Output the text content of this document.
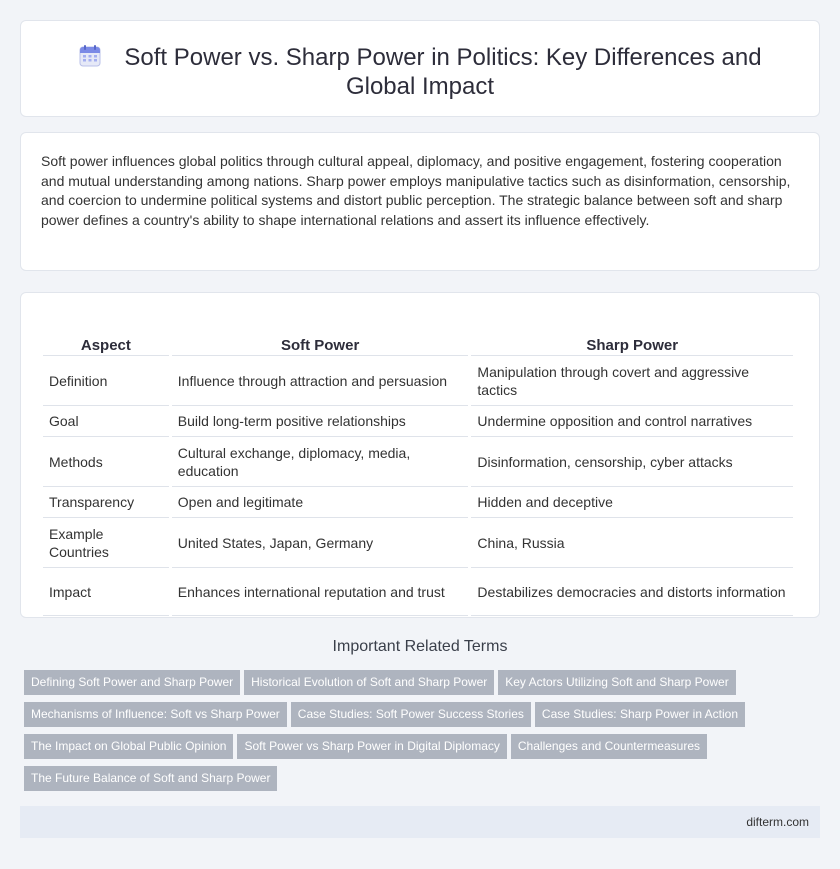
Soft Power vs. Sharp Power in Politics: Key Differences and Global Impact

Soft power influences global politics through cultural appeal, diplomacy, and positive engagement, fostering cooperation and mutual understanding among nations. Sharp power employs manipulative tactics such as disinformation, censorship, and coercion to undermine political systems and distort public perception. The strategic balance between soft and sharp power defines a country's ability to shape international relations and assert its influence effectively.

Aspect	Soft Power	Sharp Power
Definition	Influence through attraction and persuasion	Manipulation through covert and aggressive tactics
Goal	Build long-term positive relationships	Undermine opposition and control narratives
Methods	Cultural exchange, diplomacy, media, education	Disinformation, censorship, cyber attacks
Transparency	Open and legitimate	Hidden and deceptive
Example Countries	United States, Japan, Germany	China, Russia
Impact	Enhances international reputation and trust	Destabilizes democracies and distorts information
Important Related Terms
Defining Soft Power and Sharp Power Historical Evolution of Soft and Sharp Power Key Actors Utilizing Soft and Sharp PowerMechanisms of Influence: Soft vs Sharp Power Case Studies: Soft Power Success Stories Case Studies: Sharp Power in ActionThe Impact on Global Public Opinion Soft Power vs Sharp Power in Digital Diplomacy Challenges and CountermeasuresThe Future Balance of Soft and Sharp Power
difterm.com
